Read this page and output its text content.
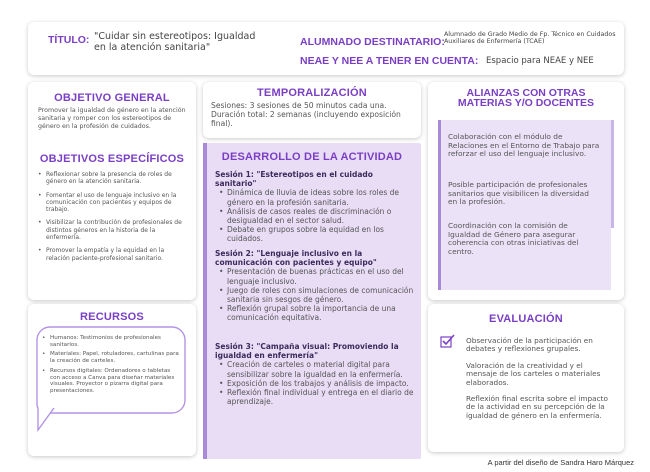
TÍTULO: "Cuidar sin estereotipos: Igualdad en la atención sanitaria"	ALUMNADO DESTINATARIO:
Alumnado de Grado Medio de Fp. Técnico en Cuidados Auxiliares de Enfermería (TCAE)
NEAE Y NEE A TENER EN CUENTA: Espacio para NEAE y NEE
OBJETIVO GENERAL
Promover la igualdad de género en la atención sanitaria y romper con los estereotipos de género en la profesión de cuidados.
OBJETIVOS ESPECÍFICOS
• Reflexionar sobre la presencia de roles de género en la atención sanitaria.
• Fomentar el uso de lenguaje inclusivo en la comunicación con pacientes y equipos de trabajo.
• Visibilizar la contribución de profesionales de distintos géneros en la historia de la enfermería.
• Promover la empatía y la equidad en la relación paciente-profesional sanitario.
TEMPORALIZACIÓN
Sesiones: 3 sesiones de 50 minutos cada una.
Duración total: 2 semanas (incluyendo exposición final).
DESARROLLO DE LA ACTIVIDAD
Sesión 1: "Estereotipos en el cuidado sanitario"
• Dinámica de lluvia de ideas sobre los roles de género en la profesión sanitaria.
• Análisis de casos reales de discriminación o desigualdad en el sector salud.
• Debate en grupos sobre la equidad en los cuidados.
Sesión 2: "Lenguaje inclusivo en la comunicación con pacientes y equipo"
• Presentación de buenas prácticas en el uso del lenguaje inclusivo.
• Juego de roles con simulaciones de comunicación sanitaria sin sesgos de género.
• Reflexión grupal sobre la importancia de una comunicación equitativa.
Sesión 3: "Campaña visual: Promoviendo la igualdad en enfermería"
• Creación de carteles o material digital para sensibilizar sobre la igualdad en la enfermería.
• Exposición de los trabajos y análisis de impacto.
• Reflexión final individual y entrega en el diario de aprendizaje.
ALIANZAS CON OTRAS MATERIAS Y/O DOCENTES
Colaboración con el módulo de Relaciones en el Entorno de Trabajo para reforzar el uso del lenguaje inclusivo.
Posible participación de profesionales sanitarios que visibilicen la diversidad en la profesión.
Coordinación con la comisión de Igualdad de Género para asegurar coherencia con otras iniciativas del centro.
RECURSOS
• Humanos: Testimonios de profesionales sanitarios.
• Materiales: Papel, rotuladores, cartulinas para la creación de carteles.
• Recursos digitales: Ordenadores o tabletas con acceso a Canva para diseñar materiales visuales. Proyector o pizarra digital para presentaciones.
EVALUACIÓN
Observación de la participación en debates y reflexiones grupales.
Valoración de la creatividad y el mensaje de los carteles o materiales elaborados.
Reflexión final escrita sobre el impacto de la actividad en su percepción de la igualdad de género en la enfermería.
A partir del diseño de Sandra Haro Márquez
